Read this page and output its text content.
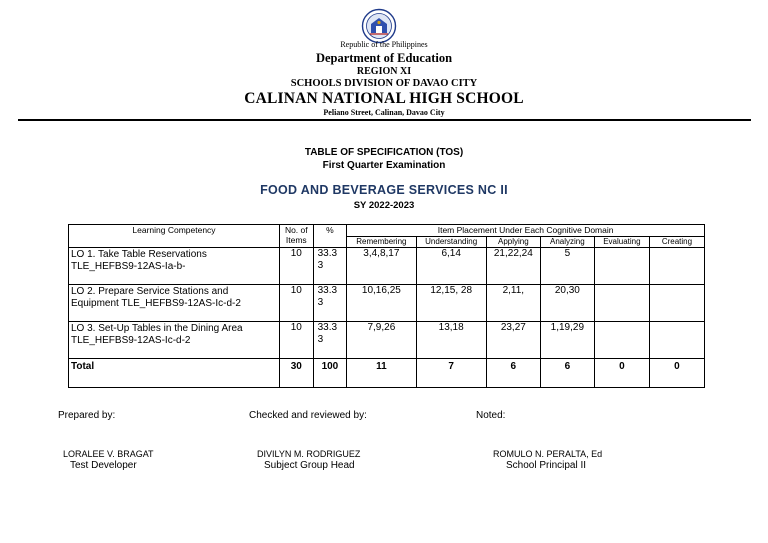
Republic of the Philippines
Department of Education
REGION XI
SCHOOLS DIVISION OF DAVAO CITY
CALINAN NATIONAL HIGH SCHOOL
Peliano Street, Calinan, Davao City
TABLE OF SPECIFICATION (TOS)
First Quarter Examination
FOOD AND BEVERAGE SERVICES NC II
SY 2022-2023
Learning Competency	No. of Items	%	Item Placement Under Each Cognitive Domain					
			Remembering	Understanding	Applying	Analyzing	Evaluating	Creating

LO 1. Take Table Reservations
TLE_HEFBS9-12AS-Ia-b-	10	33.3 3	3,4,8,17	6,14	21,22,24	5		

LO 2. Prepare Service Stations and
Equipment TLE_HEFBS9-12AS-Ic-d-2	10	33.3 3	10,16,25	12,15, 28	2,11,	20,30		

LO 3. Set-Up Tables in the Dining Area
TLE_HEFBS9-12AS-Ic-d-2	10	33.3 3	7,9,26	13,18	23,27	1,19,29		
Total	30	100	11	7	6	6	0	0
Prepared by:	Checked and reviewed by:	Noted:
LORALEE V. BRAGAT
Test Developer
DIVILYN M. RODRIGUEZ
Subject Group Head
ROMULO N. PERALTA, Ed
School Principal II
